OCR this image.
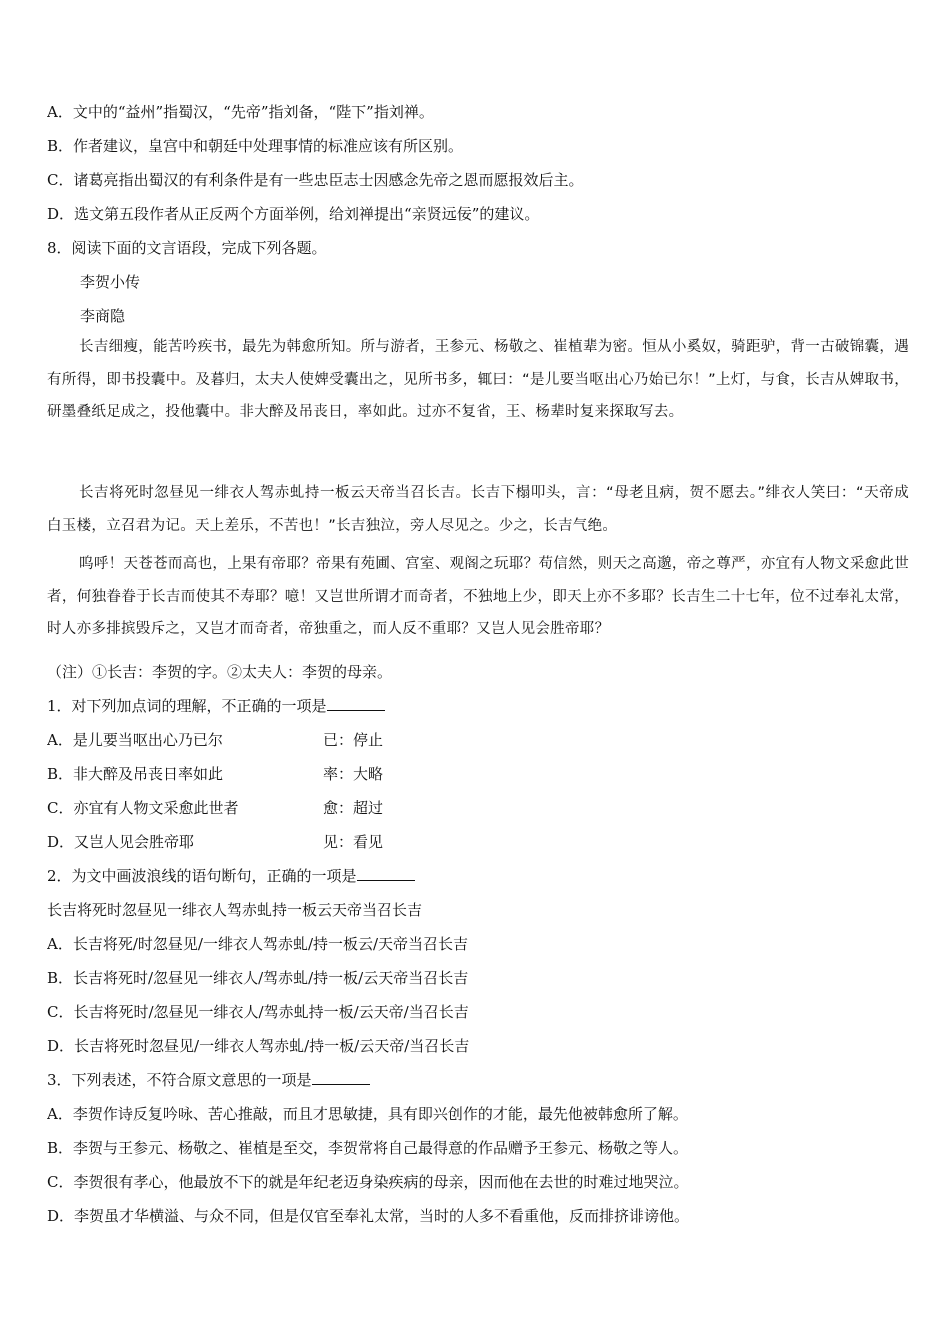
A．文中的“益州”指蜀汉，“先帝”指刘备，“陛下”指刘禅。
B．作者建议，皇宫中和朝廷中处理事情的标准应该有所区别。
C．诸葛亮指出蜀汉的有利条件是有一些忠臣志士因感念先帝之恩而愿报效后主。
D．选文第五段作者从正反两个方面举例，给刘禅提出“亲贤远佞”的建议。
8．阅读下面的文言语段，完成下列各题。
李贺小传
李商隐
长吉细瘦，能苦吟疾书，最先为韩愈所知。所与游者，王参元、杨敬之、崔植辈为密。恒从小奚奴，骑距驴，背一古破锦囊，遇有所得，即书投囊中。及暮归，太夫人使婢受囊出之，见所书多，辄曰：“是儿要当呕出心乃始已尔！”上灯，与食，长吉从婢取书，研墨叠纸足成之，投他囊中。非大醉及吊丧日，率如此。过亦不复省，王、杨辈时复来探取写去。
长吉将死时忽昼见一绯衣人驾赤虬持一板云天帝当召长吉。长吉下榻叩头，言：“母老且病，贺不愿去。”绯衣人笑曰：“天帝成白玉楼，立召君为记。天上差乐，不苦也！”长吉独泣，旁人尽见之。少之，长吉气绝。
呜呼！天苍苍而高也，上果有帝耶？帝果有苑圃、宫室、观阁之玩耶？苟信然，则天之高邈，帝之尊严，亦宜有人物文采愈此世者，何独眷眷于长吉而使其不寿耶？噫！又岂世所谓才而奇者，不独地上少，即天上亦不多耶？长吉生二十七年，位不过奉礼太常，时人亦多排摈毁斥之，又岂才而奇者，帝独重之，而人反不重耶？又岂人见会胜帝耶？
（注）①长吉：李贺的字。②太夫人：李贺的母亲。
1．对下列加点词的理解，不正确的一项是
A．是儿要当呕出心乃已尔	已：停止
B．非大醉及吊丧日率如此	率：大略
C．亦宜有人物文采愈此世者	愈：超过
D．又岂人见会胜帝耶	见：看见
2．为文中画波浪线的语句断句，正确的一项是
长吉将死时忽昼见一绯衣人驾赤虬持一板云天帝当召长吉
A．长吉将死/时忽昼见/一绯衣人驾赤虬/持一板云/天帝当召长吉
B．长吉将死时/忽昼见一绯衣人/驾赤虬/持一板/云天帝当召长吉
C．长吉将死时/忽昼见一绯衣人/驾赤虬持一板/云天帝/当召长吉
D．长吉将死时忽昼见/一绯衣人驾赤虬/持一板/云天帝/当召长吉
3．下列表述，不符合原文意思的一项是
A．李贺作诗反复吟咏、苦心推敲，而且才思敏捷，具有即兴创作的才能，最先他被韩愈所了解。
B．李贺与王参元、杨敬之、崔植是至交，李贺常将自己最得意的作品赠予王参元、杨敬之等人。
C．李贺很有孝心，他最放不下的就是年纪老迈身染疾病的母亲，因而他在去世的时难过地哭泣。
D．李贺虽才华横溢、与众不同，但是仅官至奉礼太常，当时的人多不看重他，反而排挤诽谤他。
